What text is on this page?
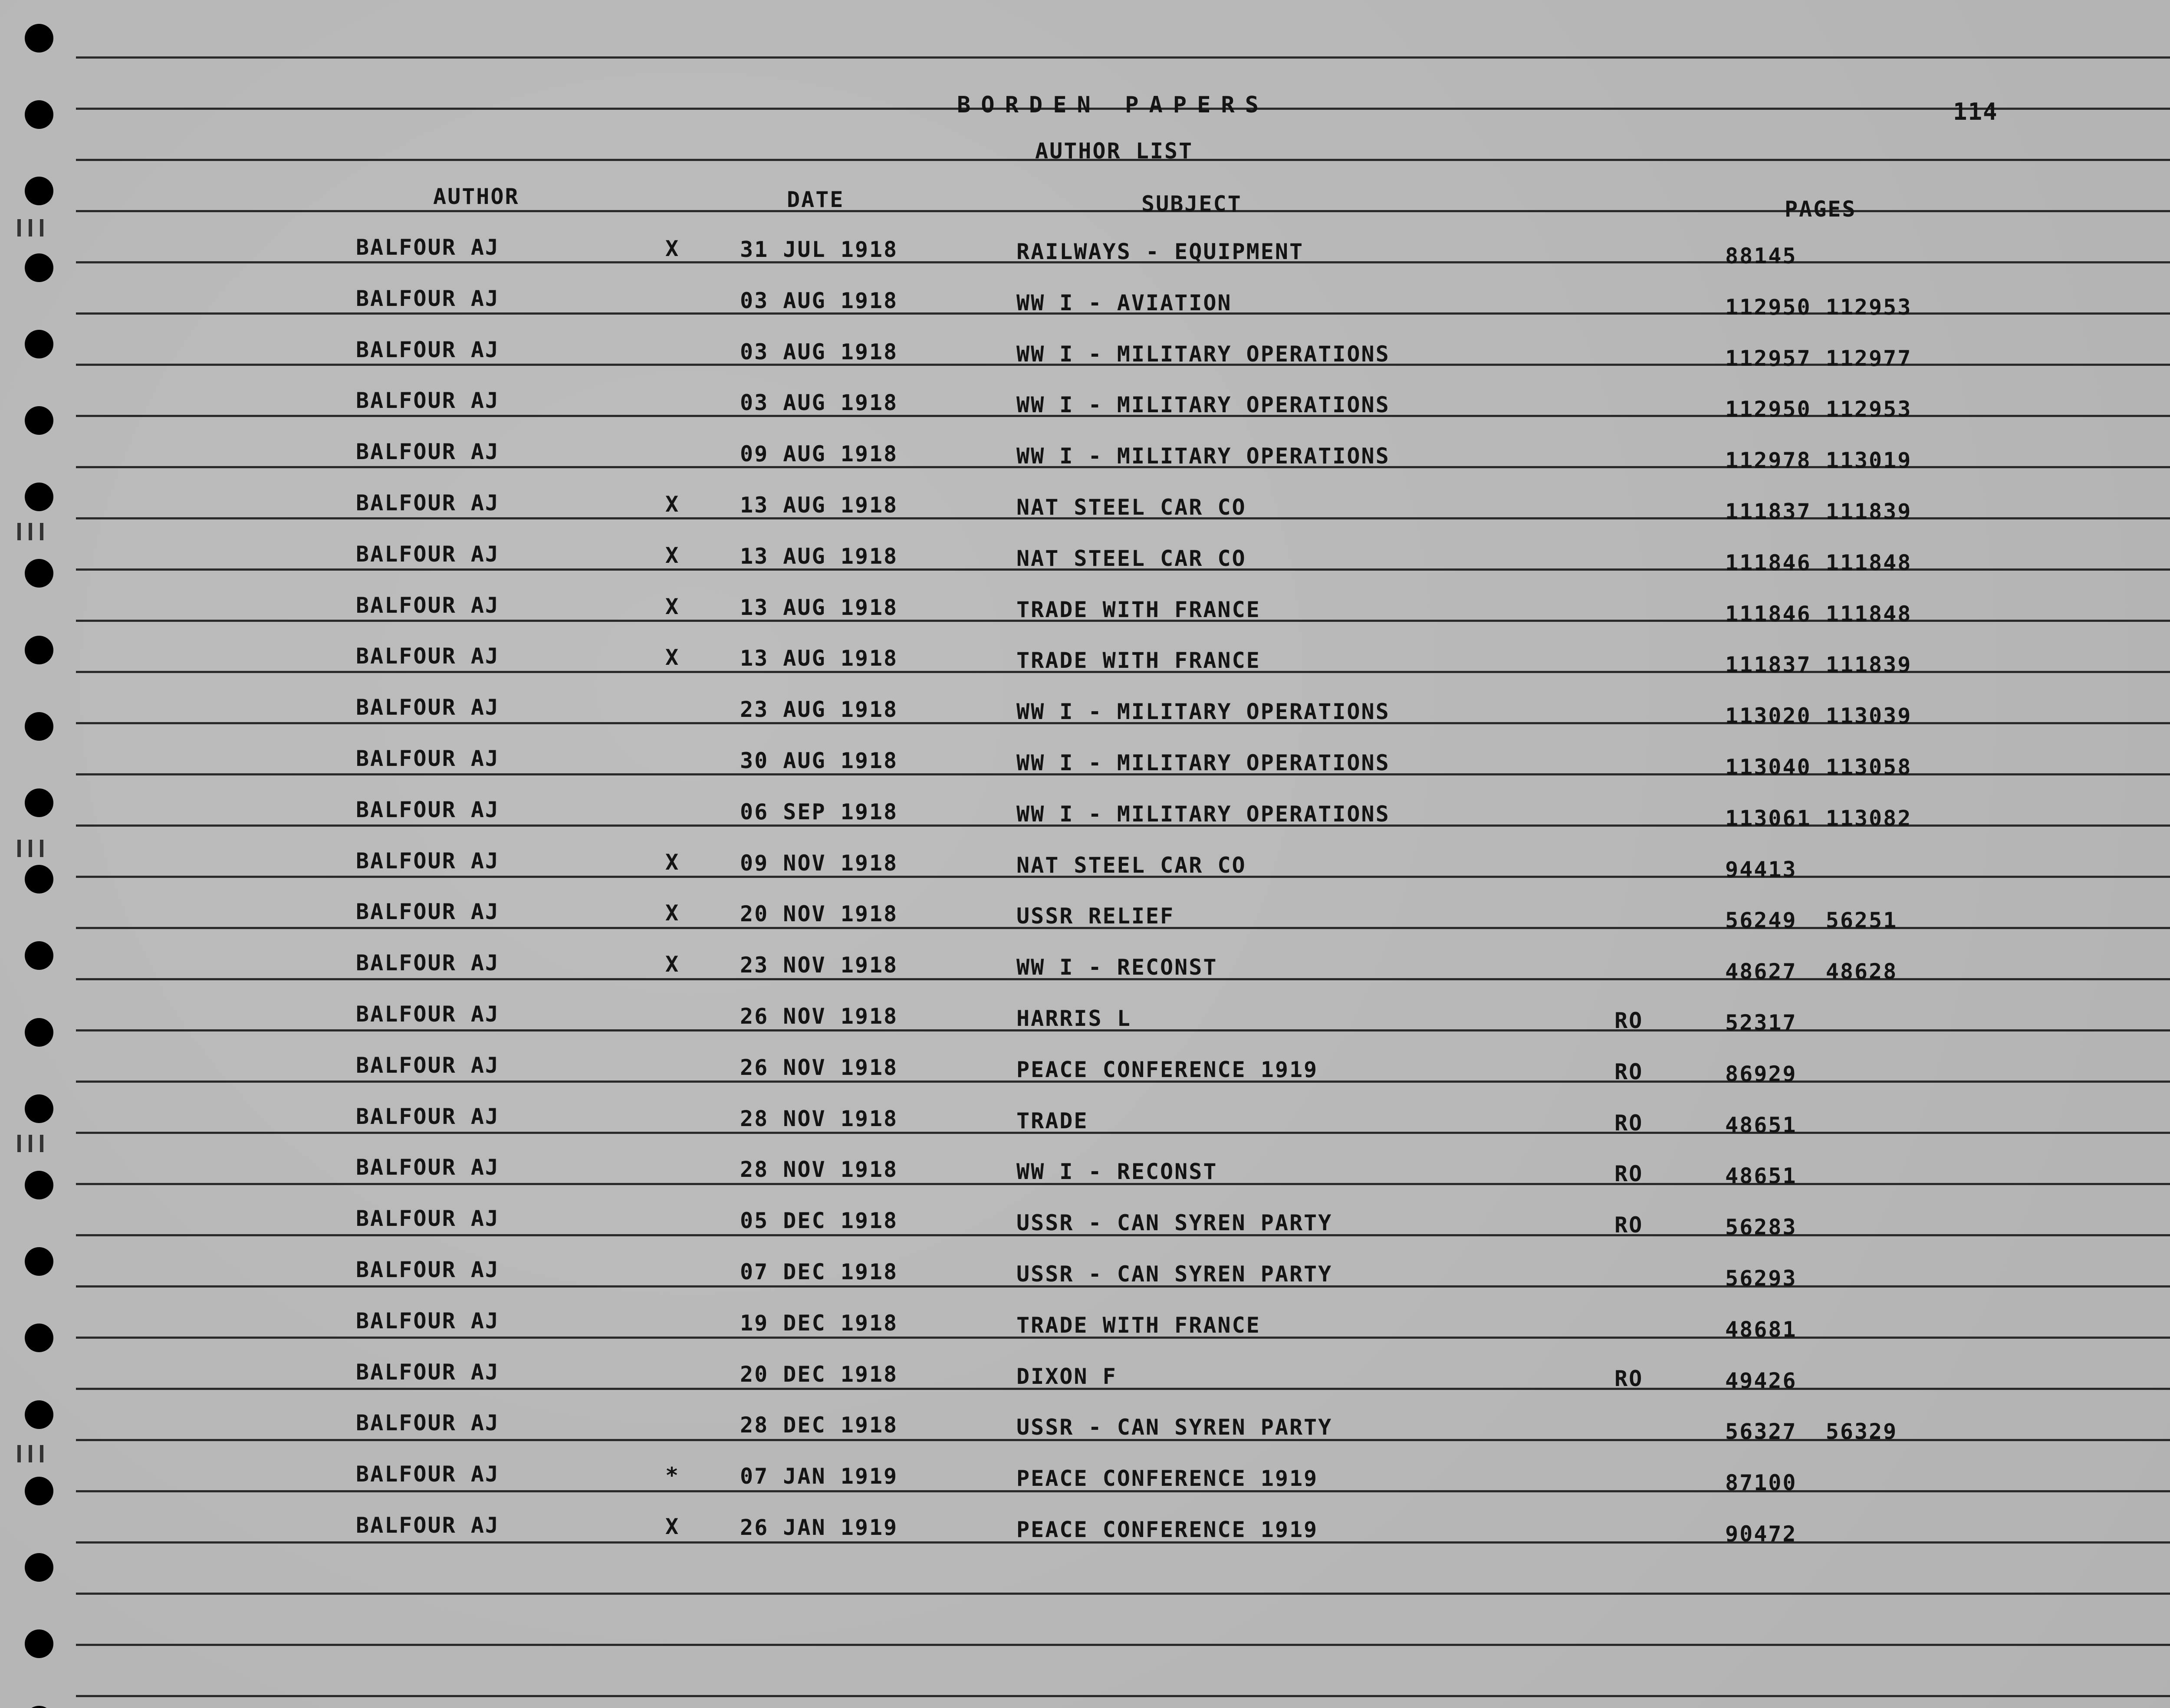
BORDEN PAPERS	114
AUTHOR LIST
AUTHOR	DATE	SUBJECT	PAGES
BALFOUR AJ	X	31 JUL 1918	RAILWAYS - EQUIPMENT	88145
BALFOUR AJ	03 AUG 1918	WW I - AVIATION	112950 112953
BALFOUR AJ	03 AUG 1918	WW I - MILITARY OPERATIONS	112957 112977
BALFOUR AJ	03 AUG 1918	WW I - MILITARY OPERATIONS	112950 112953
BALFOUR AJ	09 AUG 1918	WW I - MILITARY OPERATIONS	112978 113019
BALFOUR AJ	X	13 AUG 1918	NAT STEEL CAR CO	111837 111839
BALFOUR AJ	X	13 AUG 1918	NAT STEEL CAR CO	111846 111848
BALFOUR AJ	X	13 AUG 1918	TRADE WITH FRANCE	111846 111848
BALFOUR AJ	X	13 AUG 1918	TRADE WITH FRANCE	111837 111839
BALFOUR AJ	23 AUG 1918	WW I - MILITARY OPERATIONS	113020 113039
BALFOUR AJ	30 AUG 1918	WW I - MILITARY OPERATIONS	113040 113058
BALFOUR AJ	06 SEP 1918	WW I - MILITARY OPERATIONS	113061 113082
BALFOUR AJ	X	09 NOV 1918	NAT STEEL CAR CO	94413
BALFOUR AJ	X	20 NOV 1918	USSR RELIEF	56249  56251
BALFOUR AJ	X	23 NOV 1918	WW I - RECONST	48627  48628
BALFOUR AJ	26 NOV 1918	HARRIS L	RO	52317
BALFOUR AJ	26 NOV 1918	PEACE CONFERENCE 1919	RO	86929
BALFOUR AJ	28 NOV 1918	TRADE	RO	48651
BALFOUR AJ	28 NOV 1918	WW I - RECONST	RO	48651
BALFOUR AJ	05 DEC 1918	USSR - CAN SYREN PARTY	RO	56283
BALFOUR AJ	07 DEC 1918	USSR - CAN SYREN PARTY	56293
BALFOUR AJ	19 DEC 1918	TRADE WITH FRANCE	48681
BALFOUR AJ	20 DEC 1918	DIXON F	RO	49426
BALFOUR AJ	28 DEC 1918	USSR - CAN SYREN PARTY	56327  56329
BALFOUR AJ	*	07 JAN 1919	PEACE CONFERENCE 1919	87100
BALFOUR AJ	X	26 JAN 1919	PEACE CONFERENCE 1919	90472
